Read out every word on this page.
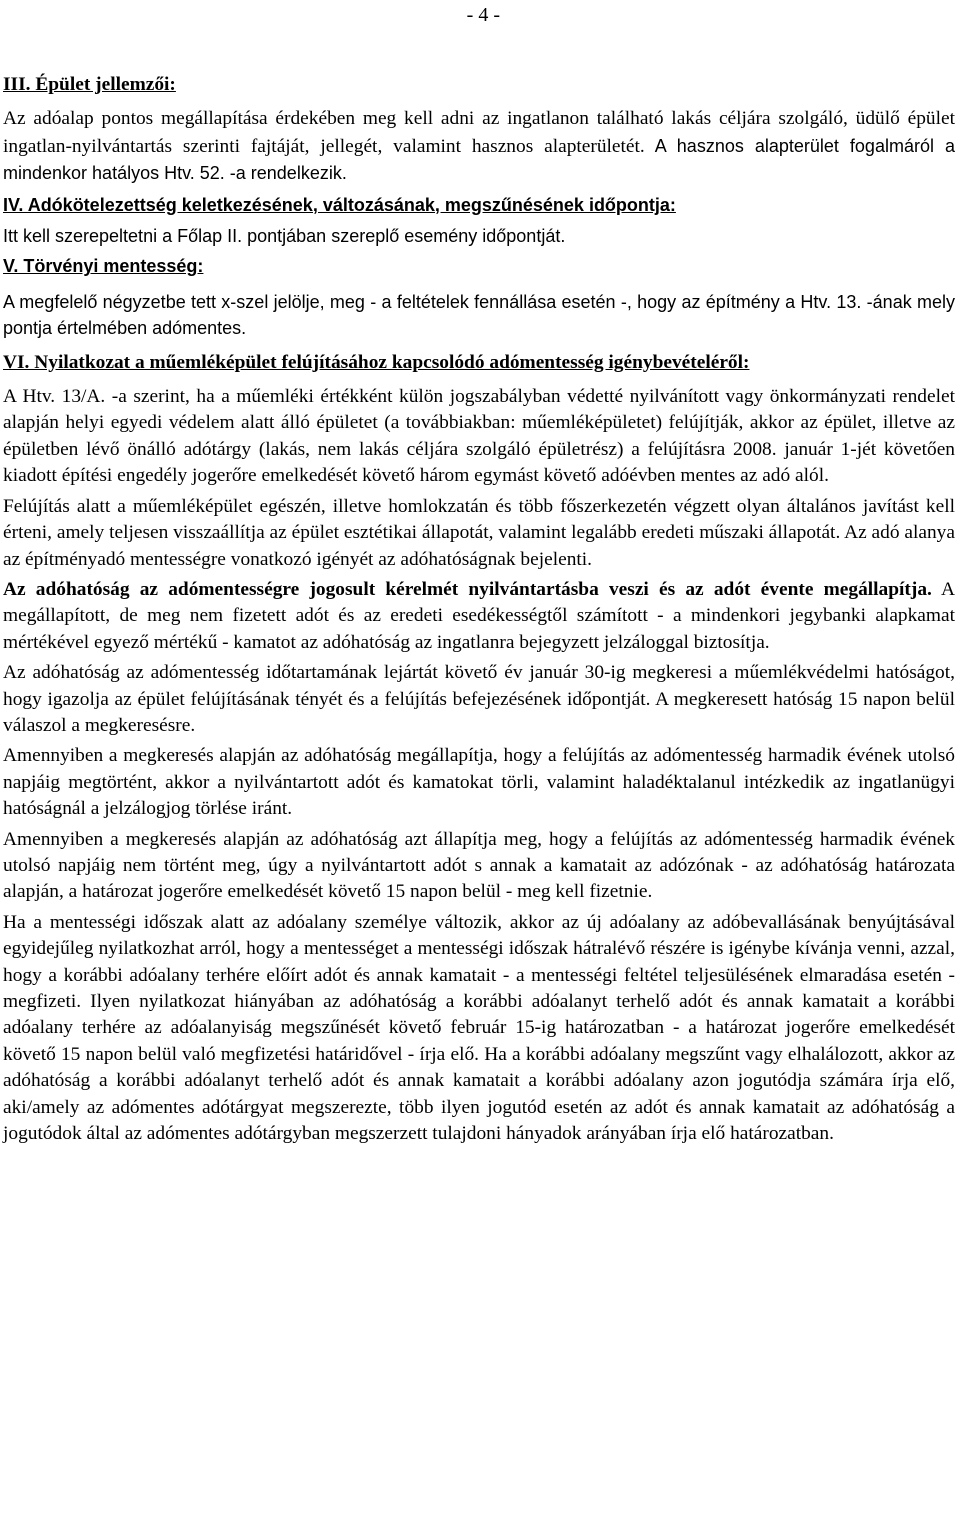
- 4 -

III. Épület jellemzői:

Az adóalap pontos megállapítása érdekében meg kell adni az ingatlanon található lakás céljára szolgáló, üdülő épület ingatlan-nyilvántartás szerinti fajtáját, jellegét, valamint hasznos alapterületét. A hasznos alapterület fogalmáról a mindenkor hatályos Htv. 52. -a rendelkezik.

IV. Adókötelezettség keletkezésének, változásának, megszűnésének időpontja:

Itt kell szerepeltetni a Főlap II. pontjában szereplő esemény időpontját.

V. Törvényi mentesség:

A megfelelő négyzetbe tett x-szel jelölje, meg - a feltételek fennállása esetén -, hogy az építmény a Htv. 13. -ának mely pontja értelmében adómentes.

VI. Nyilatkozat a műemléképület felújításához kapcsolódó adómentesség igénybevételéről:

A Htv. 13/A. -a szerint, ha a műemléki értékként külön jogszabályban védetté nyilvánított vagy önkormányzati rendelet alapján helyi egyedi védelem alatt álló épületet (a továbbiakban: műemléképületet) felújítják, akkor az épület, illetve az épületben lévő önálló adótárgy (lakás, nem lakás céljára szolgáló épületrész) a felújításra 2008. január 1-jét követően kiadott építési engedély jogerőre emelkedését követő három egymást követő adóévben mentes az adó alól.

Felújítás alatt a műemléképület egészén, illetve homlokzatán és több főszerkezetén végzett olyan általános javítást kell érteni, amely teljesen visszaállítja az épület esztétikai állapotát, valamint legalább eredeti műszaki állapotát. Az adó alanya az építményadó mentességre vonatkozó igényét az adóhatóságnak bejelenti.

Az adóhatóság az adómentességre jogosult kérelmét nyilvántartásba veszi és az adót évente megállapítja. A megállapított, de meg nem fizetett adót és az eredeti esedékességtől számított - a mindenkori jegybanki alapkamat mértékével egyező mértékű - kamatot az adóhatóság az ingatlanra bejegyzett jelzáloggal biztosítja.

Az adóhatóság az adómentesség időtartamának lejártát követő év január 30-ig megkeresi a műemlékvédelmi hatóságot, hogy igazolja az épület felújításának tényét és a felújítás befejezésének időpontját. A megkeresett hatóság 15 napon belül válaszol a megkeresésre.

Amennyiben a megkeresés alapján az adóhatóság megállapítja, hogy a felújítás az adómentesség harmadik évének utolsó napjáig megtörtént, akkor a nyilvántartott adót és kamatokat törli, valamint haladéktalanul intézkedik az ingatlanügyi hatóságnál a jelzálogjog törlése iránt.

Amennyiben a megkeresés alapján az adóhatóság azt állapítja meg, hogy a felújítás az adómentesség harmadik évének utolsó napjáig nem történt meg, úgy a nyilvántartott adót s annak a kamatait az adózónak - az adóhatóság határozata alapján, a határozat jogerőre emelkedését követő 15 napon belül - meg kell fizetnie.

Ha a mentességi időszak alatt az adóalany személye változik, akkor az új adóalany az adóbevallásának benyújtásával egyidejűleg nyilatkozhat arról, hogy a mentességet a mentességi időszak hátralévő részére is igénybe kívánja venni, azzal, hogy a korábbi adóalany terhére előírt adót és annak kamatait - a mentességi feltétel teljesülésének elmaradása esetén - megfizeti. Ilyen nyilatkozat hiányában az adóhatóság a korábbi adóalanyt terhelő adót és annak kamatait a korábbi adóalany terhére az adóalanyiság megszűnését követő február 15-ig határozatban - a határozat jogerőre emelkedését követő 15 napon belül való megfizetési határidővel - írja elő. Ha a korábbi adóalany megszűnt vagy elhalálozott, akkor az adóhatóság a korábbi adóalanyt terhelő adót és annak kamatait a korábbi adóalany azon jogutódja számára írja elő, aki/amely az adómentes adótárgyat megszerezte, több ilyen jogutód esetén az adót és annak kamatait az adóhatóság a jogutódok által az adómentes adótárgyban megszerzett tulajdoni hányadok arányában írja elő határozatban.
